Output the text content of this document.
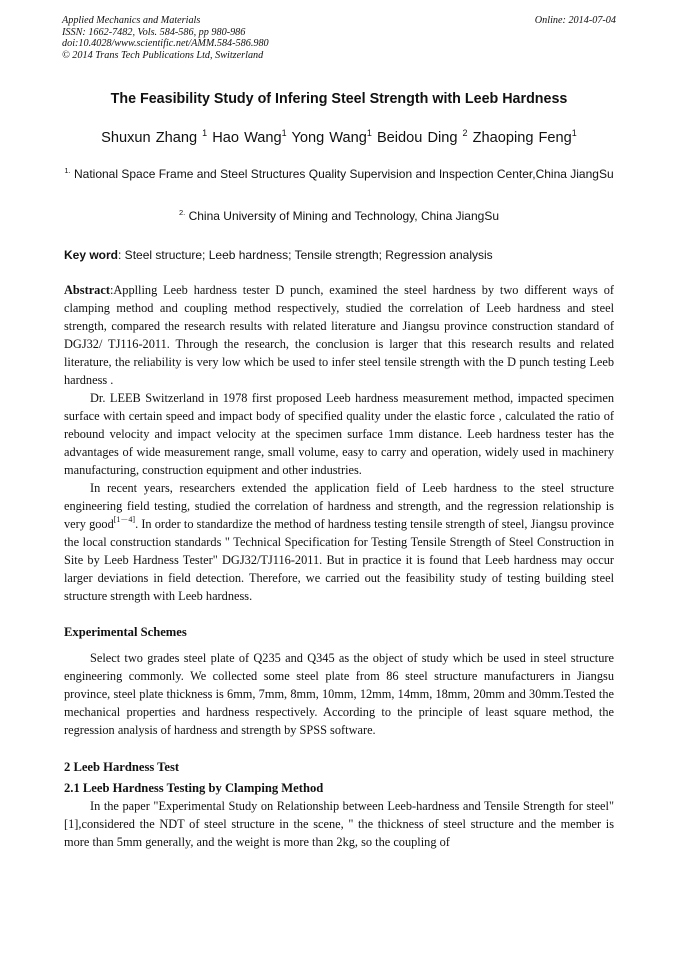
Applied Mechanics and Materials
ISSN: 1662-7482, Vols. 584-586, pp 980-986
doi:10.4028/www.scientific.net/AMM.584-586.980
© 2014 Trans Tech Publications Ltd, Switzerland
Online: 2014-07-04
The Feasibility Study of Infering Steel Strength with Leeb Hardness
Shuxun Zhang $^1$ Hao Wang$^1$ Yong Wang$^1$ Beidou Ding $^2$ Zhaoping Feng$^1$
$^{1.}$ National Space Frame and Steel Structures Quality Supervision and Inspection Center,China JiangSu
$^{2.}$ China University of Mining and Technology, China JiangSu
Key word: Steel structure; Leeb hardness; Tensile strength; Regression analysis

Abstract:Applling Leeb hardness tester D punch, examined the steel hardness by two different ways of clamping method and coupling method respectively, studied the correlation of Leeb hardness and steel strength, compared the research results with related literature and Jiangsu province construction standard of DGJ32/ TJ116-2011. Through the research, the conclusion is larger that this research results and related literature, the reliability is very low which be used to infer steel tensile strength with the D punch testing Leeb hardness .

Dr. LEEB Switzerland in 1978 first proposed Leeb hardness measurement method, impacted specimen surface with certain speed and impact body of specified quality under the elastic force , calculated the ratio of rebound velocity and impact velocity at the specimen surface 1mm distance. Leeb hardness tester has the advantages of wide measurement range, small volume, easy to carry and operation, widely used in machinery manufacturing, construction equipment and other industries.

In recent years, researchers extended the application field of Leeb hardness to the steel structure engineering field testing, studied the correlation of hardness and strength, and the regression relationship is very good[1－4]. In order to standardize the method of hardness testing tensile strength of steel, Jiangsu province the local construction standards " Technical Specification for Testing Tensile Strength of Steel Construction in Site by Leeb Hardness Tester" DGJ32/TJ116-2011. But in practice it is found that Leeb hardness may occur larger deviations in field detection. Therefore, we carried out the feasibility study of testing building steel structure strength with Leeb hardness.

Experimental Schemes

Select two grades steel plate of Q235 and Q345 as the object of study which be used in steel structure engineering commonly. We collected some steel plate from 86 steel structure manufacturers in Jiangsu province, steel plate thickness is 6mm, 7mm, 8mm, 10mm, 12mm, 14mm, 18mm, 20mm and 30mm.Tested the mechanical properties and hardness respectively. According to the principle of least square method, the regression analysis of hardness and strength by SPSS software.

2 Leeb Hardness Test

2.1 Leeb Hardness Testing by Clamping Method

In the paper "Experimental Study on Relationship between Leeb-hardness and Tensile Strength for steel" [1],considered the NDT of steel structure in the scene, " the thickness of steel structure and the member is more than 5mm generally, and the weight is more than 2kg, so the coupling of
